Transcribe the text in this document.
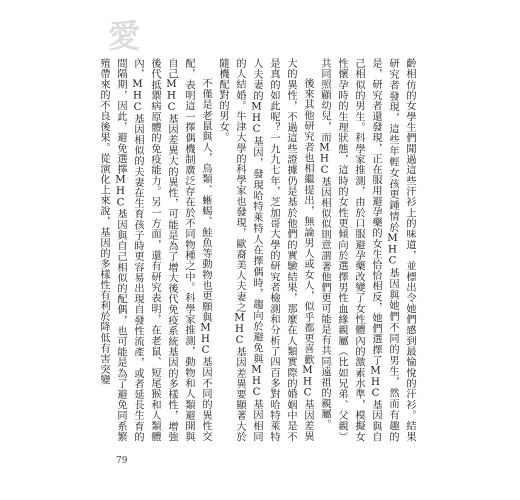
愛

齡相仿的女學生們聞過這些汗衫上的味道，並標出令她們感到最愉悅的汗衫。結果研究者發現，這些年輕女孩更鍾情於MHC基因與她們不同的男生，然而有趣的是，研究者還發現，正在服用避孕藥的女生恰恰相反，她們選擇了MHC基因與自己相似的男生。科學家推測，由於口服避孕藥改變了女性體內的激素水準，模擬女性懷孕時的生理狀態，這時的女性更傾向於選擇男性血緣親屬（比如兄弟、父親）共同照顧幼兒，而MHC基因相似似則意謂著他們更可能是有共同遠祖的親屬。

後來其他研究者也相繼提出，無論男人或女人，似乎都更喜歡MHC基因差異大的異性，不過這些證據仍是基於他們的實驗結果，那麼在人類實際的婚姻中是不是真的如此呢？一九九七年，芝加哥大學的研究者檢測和分析了四百多對哈特萊特人夫妻的MHC基因，發現哈特萊特人在擇偶時，趨向於避免與MHC基因相同的人結婚。牛津大學的科學家也發現，歐裔美人夫妻之MHC基因差異要顯著大於隨機配對的男女。

不僅是老鼠與人，鳥類、蜥蜴、鮭魚等動物也更願與MHC基因不同的異性交配，表明這一擇偶機制廣泛存在於不同物種之中。科學家推測，動物和人類避開與自己MHC基因差異大的異性，可能是為了增大後代免疫系統基因的多樣性，增強後代抵禦病原體的免疫能力。另一方面，還有研究表明，在老鼠、短尾猴和人類體內，MHC基因相似的夫妻在生育孩子時更容易出現自發性流產，或者延長生育的間隔期，因此，避免選擇MHC基因與自己相似的配偶，也可能是為了避免同系繁殖帶來的不良後果。從演化上來說，基因的多樣性有利於降低有害突變

79
